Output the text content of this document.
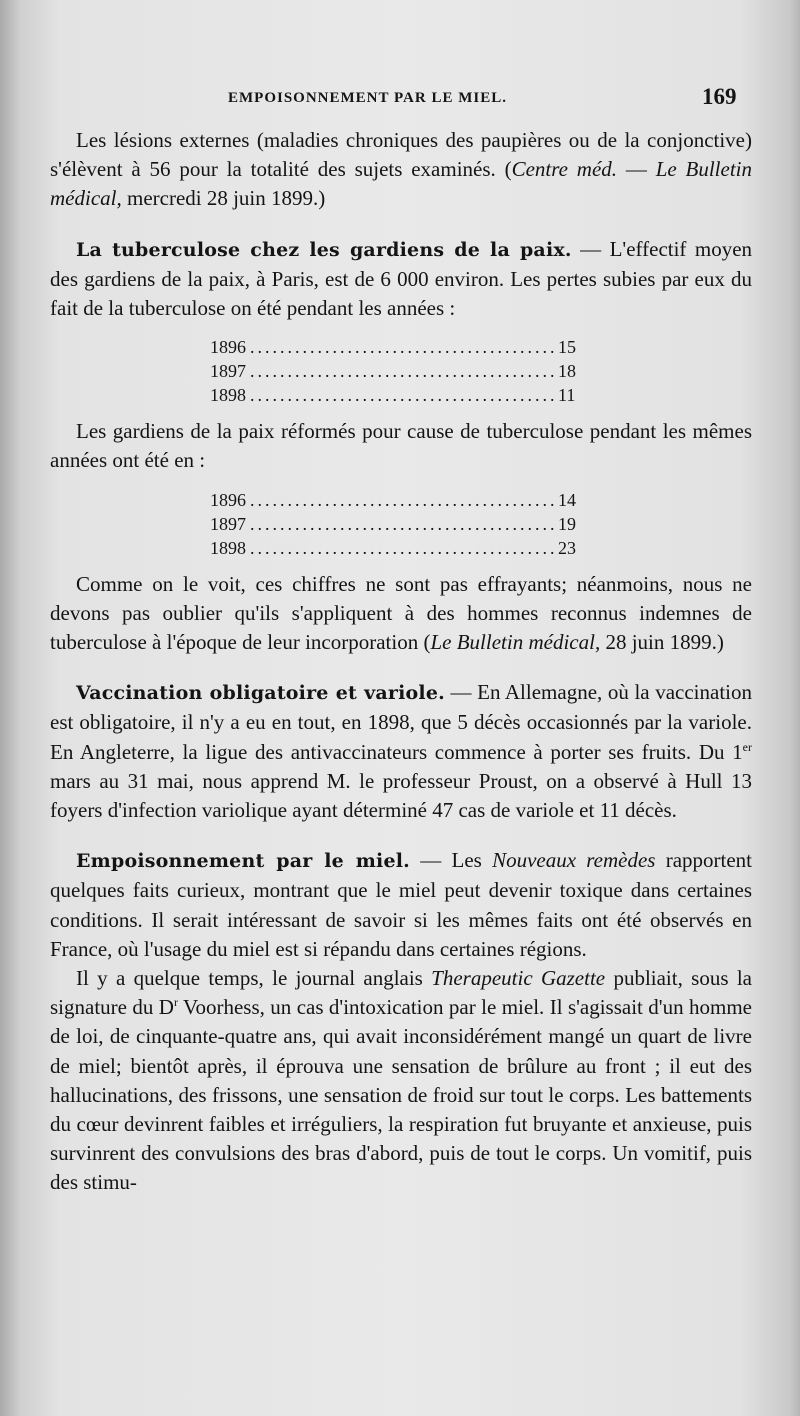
EMPOISONNEMENT PAR LE MIEL.	169

Les lésions externes (maladies chroniques des paupières ou de la conjonctive) s'élèvent à 56 pour la totalité des sujets examinés. (Centre méd. — Le Bulletin médical, mercredi 28 juin 1899.)

La tuberculose chez les gardiens de la paix. — L'effectif moyen des gardiens de la paix, à Paris, est de 6 000 environ. Les pertes subies par eux du fait de la tuberculose on été pendant les années :

1896 .....	15
1897 .....	18
1898 .....	11

Les gardiens de la paix réformés pour cause de tuberculose pendant les mêmes années ont été en :

1896 .....	14
1897 .....	19
1898 .....	23

Comme on le voit, ces chiffres ne sont pas effrayants; néanmoins, nous ne devons pas oublier qu'ils s'appliquent à des hommes reconnus indemnes de tuberculose à l'époque de leur incorporation (Le Bulletin médical, 28 juin 1899.)

Vaccination obligatoire et variole. — En Allemagne, où la vaccination est obligatoire, il n'y a eu en tout, en 1898, que 5 décès occasionnés par la variole. En Angleterre, la ligue des antivaccinateurs commence à porter ses fruits. Du 1er mars au 31 mai, nous apprend M. le professeur Proust, on a observé à Hull 13 foyers d'infection variolique ayant déterminé 47 cas de variole et 11 décès.

Empoisonnement par le miel. — Les Nouveaux remèdes rapportent quelques faits curieux, montrant que le miel peut devenir toxique dans certaines conditions. Il serait intéressant de savoir si les mêmes faits ont été observés en France, où l'usage du miel est si répandu dans certaines régions.

Il y a quelque temps, le journal anglais Therapeutic Gazette publiait, sous la signature du $D^r$ Voorhess, un cas d'intoxication par le miel. Il s'agissait d'un homme de loi, de cinquante-quatre ans, qui avait inconsidérément mangé un quart de livre de miel; bientôt après, il éprouva une sensation de brûlure au front ; il eut des hallucinations, des frissons, une sensation de froid sur tout le corps. Les battements du cœur devinrent faibles et irréguliers, la respiration fut bruyante et anxieuse, puis survinrent des convulsions des bras d'abord, puis de tout le corps. Un vomitif, puis des stimu-
